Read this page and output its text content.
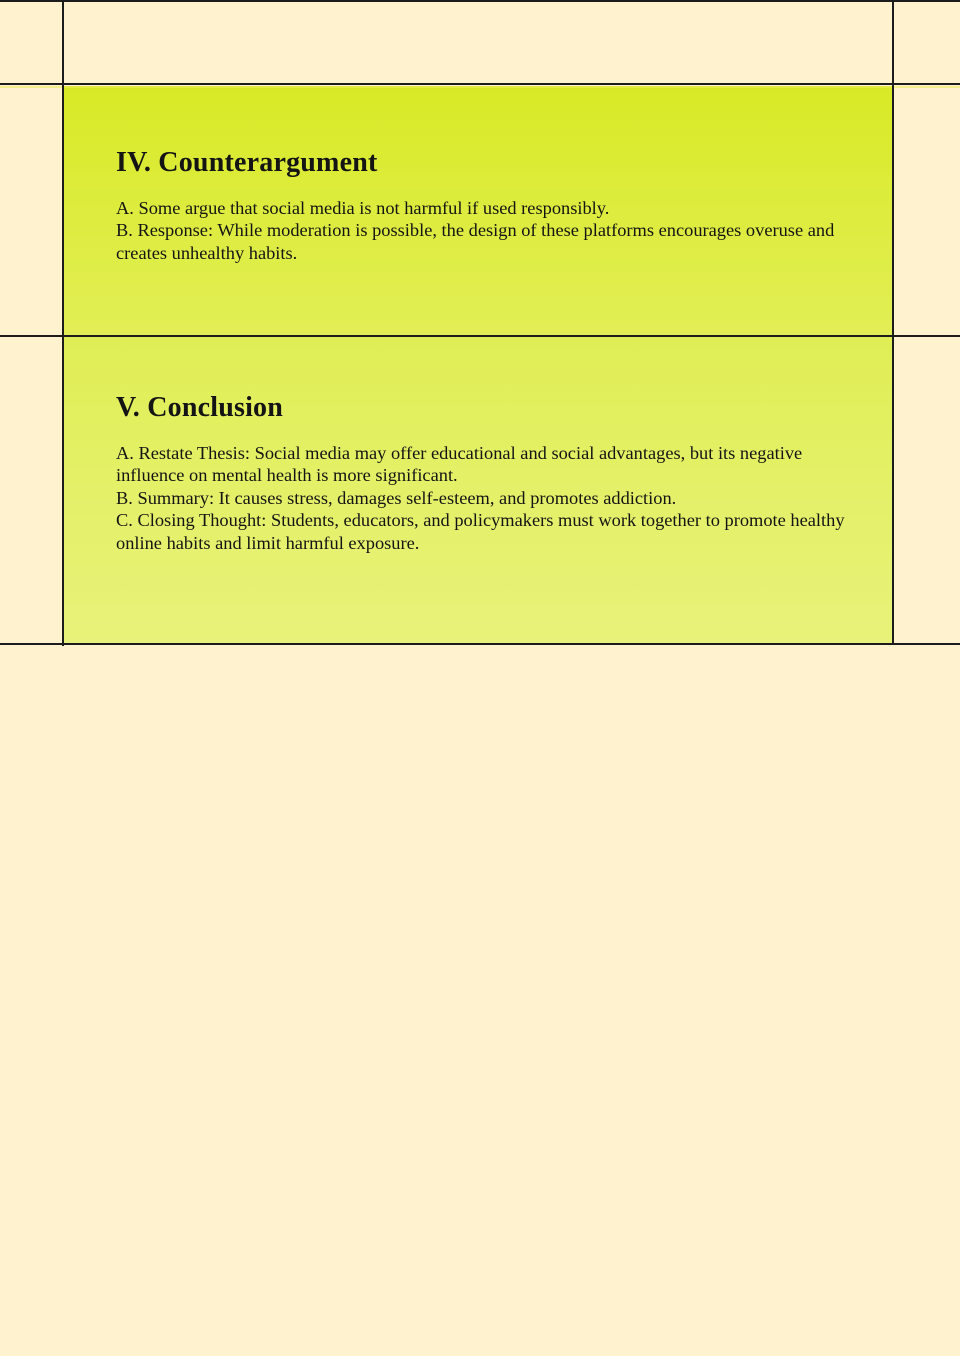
IV. Counterargument

A. Some argue that social media is not harmful if used responsibly.

B. Response: While moderation is possible, the design of these platforms encourages overuse and creates unhealthy habits.

V. Conclusion

A. Restate Thesis: Social media may offer educational and social advantages, but its negative influence on mental health is more significant.

B. Summary: It causes stress, damages self-esteem, and promotes addiction.

C. Closing Thought: Students, educators, and policymakers must work together to promote healthy online habits and limit harmful exposure.
